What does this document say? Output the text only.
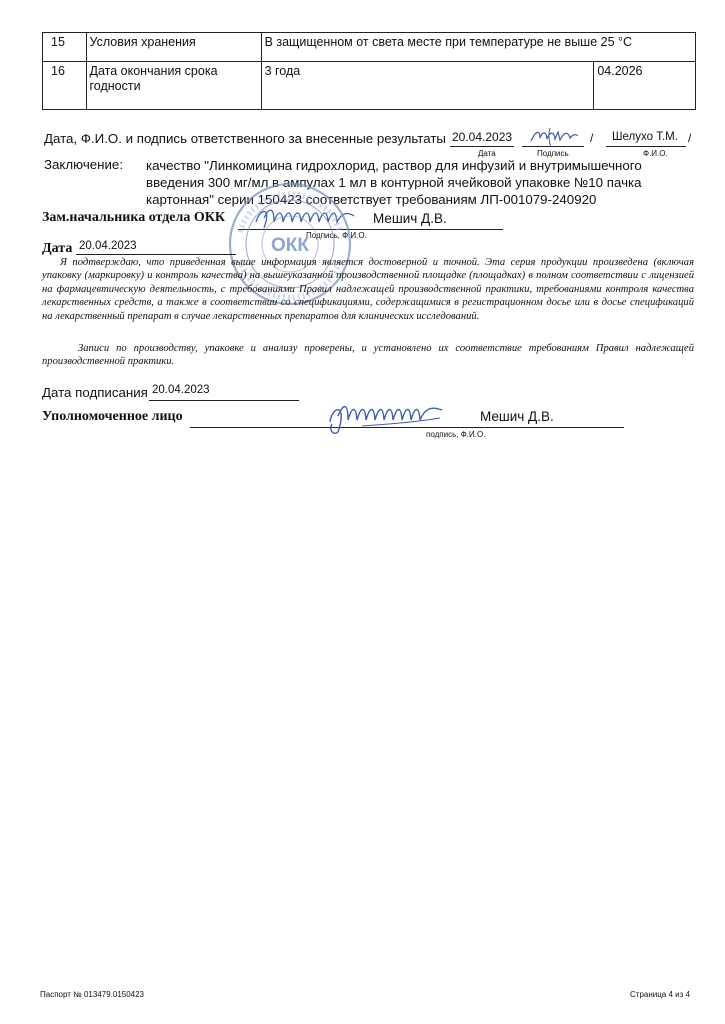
15	Условия хранения	В защищенном от света месте при температуре не выше 25 °С	
16	Дата окончания срока годности	3 года	04.2026
Дата, Ф.И.О. и подпись ответственного за внесенные результаты 20.04.2023	/ Шелухо Т.М. /
Дата	Подпись	Ф.И.О.
Заключение: качество "Линкомицина гидрохлорид, раствор для инфузий и внутримышечного
введения 300 мг/мл в ампулах 1 мл в контурной ячейковой упаковке №10 пачка
картонная" серии 150423 соответствует требованиям ЛП-001079-240920
Зам.начальника отдела ОКК	Мешич Д.В.
Подпись, Ф.И.О.
ОКК
Дата 20.04.2023
Я подтверждаю, что приведенная выше информация является достоверной и точной. Эта серия продукции произведена (включая упаковку (маркировку) и контроль качества) на вышеуказанной производственной площадке (площадках) в полном соответствии с лицензией на фармацевтическую деятельность, с требованиями Правил надлежащей производственной практики, требованиями контроля качества лекарственных средств, а также в соответствии со спецификациями, содержащимися в регистрационном досье или в досье спецификаций на лекарственный препарат в случае лекарственных препаратов для клинических исследований.
Записи по производству, упаковке и анализу проверены, и установлено их соответствие требованиям Правил надлежащей производственной практики.
Дата подписания 20.04.2023
Уполномоченное лицо	Мешич Д.В.
подпись, Ф.И.О.
Паспорт № 013479.0150423	Страница 4 из 4
